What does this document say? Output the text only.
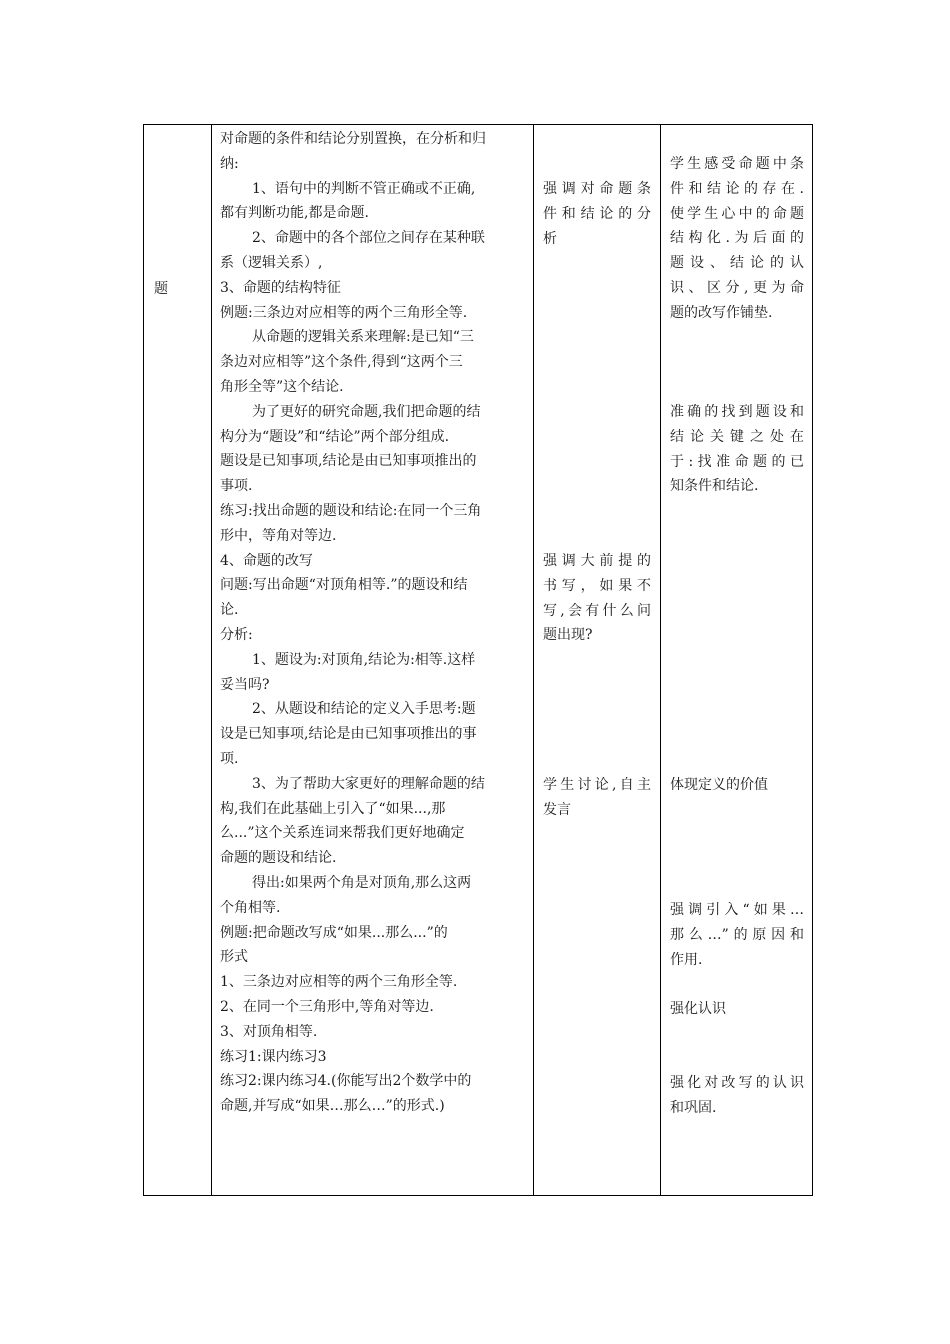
题
对命题的条件和结论分别置换，在分析和归
纳:
1、语句中的判断不管正确或不正确,
都有判断功能,都是命题.
2、命题中的各个部位之间存在某种联
系（逻辑关系）,
3、命题的结构特征
例题:三条边对应相等的两个三角形全等.
从命题的逻辑关系来理解:是已知“三
条边对应相等”这个条件,得到“这两个三
角形全等”这个结论.
为了更好的研究命题,我们把命题的结
构分为“题设”和“结论”两个部分组成.
题设是已知事项,结论是由已知事项推出的
事项.
练习:找出命题的题设和结论:在同一个三角
形中，等角对等边.
4、命题的改写
问题:写出命题“对顶角相等.”的题设和结
论.
分析:
1、题设为:对顶角,结论为:相等.这样
妥当吗?
2、从题设和结论的定义入手思考:题
设是已知事项,结论是由已知事项推出的事
项.
3、为了帮助大家更好的理解命题的结
构,我们在此基础上引入了“如果...,那
么...”这个关系连词来帮我们更好地确定
命题的题设和结论.
得出:如果两个角是对顶角,那么这两
个角相等.
例题:把命题改写成“如果...那么...”的
形式
1、三条边对应相等的两个三角形全等.
2、在同一个三角形中,等角对等边.
3、对顶角相等.
练习1:课内练习3
练习2:课内练习4.(你能写出2个数学中的
命题,并写成“如果…那么…”的形式.)
强调对命题条
件和结论的分
析
强调大前提的
书写，如果不
写,会有什么问
题出现?
学生讨论,自主
发言
学生感受命题中条
件和结论的存在.
使学生心中的命题
结构化.为后面的
题设、结论的认
识、区分,更为命
题的改写作铺垫.
准确的找到题设和
结论关键之处在
于:找准命题的已
知条件和结论.
体现定义的价值
强调引入“如果…
那么…”的原因和
作用.
强化认识
强化对改写的认识
和巩固.
